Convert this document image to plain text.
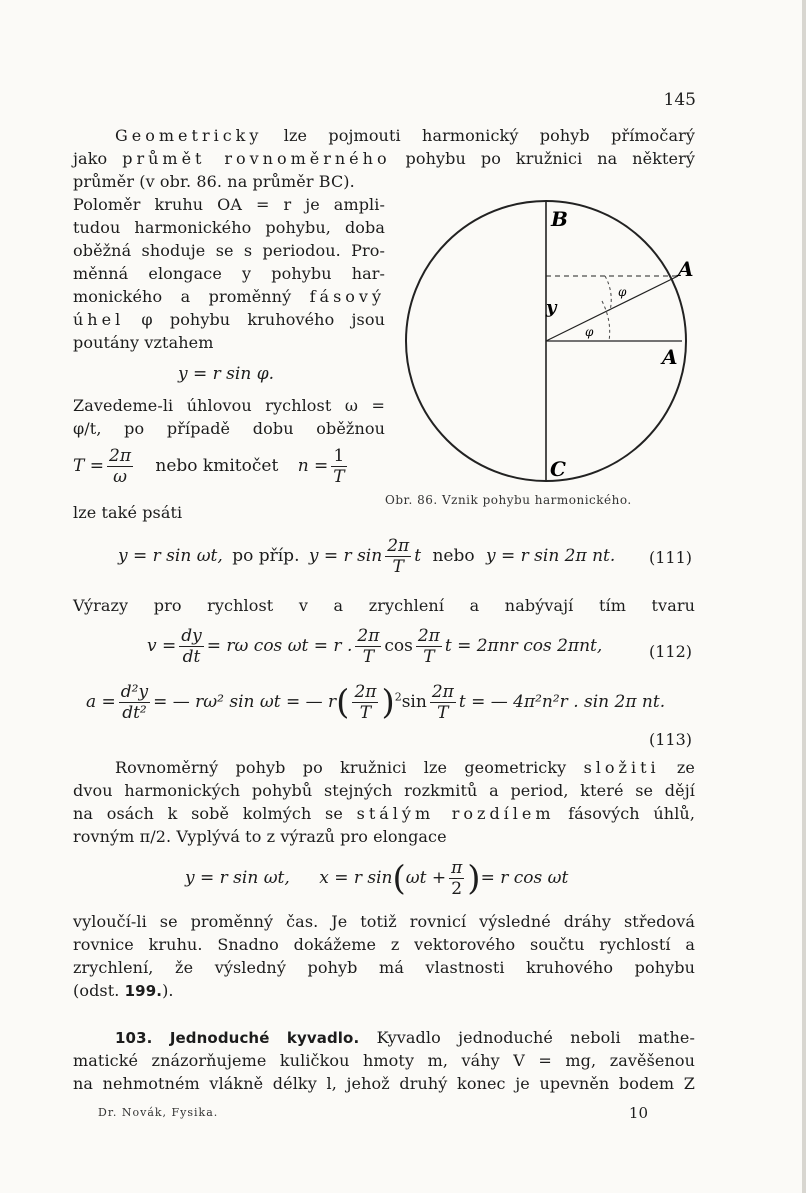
145
Geometricky lze pojmouti harmonický pohyb přímočarý
jako průmět rovnoměrného pohybu po kružnici na některý
průměr (v obr. 86. na průměr BC).
Poloměr kruhu OA = r je ampli-
tudou harmonického pohybu, doba
oběžná shoduje se s periodou. Pro-
měnná elongace y pohybu har-
monického a proměnný fásový
úhel φ pohybu kruhového jsou
poutány vztahem
y = r sin φ.
Zavedeme-li úhlovou rychlost ω =
φ/t, po případě dobu oběžnou
$T = \frac{2\pi}{\omega}$ nebo kmitočet $n = \frac{1}{T}$
lze také psáti
y = r sin ωt, po příp. y = r $\sin \frac{2\pi}{T}$ t nebo y = r sin 2π nt. (111)
Výrazy pro rychlost v a zrychlení a nabývají tím tvaru
$v = \frac{dy}{dt} = r\omega$ cos ωt = r . $\frac{2\pi}{T}$ $\cos \frac{2\pi}{T}$ t = 2πnr cos 2πnt,	(112)
$a = \frac{\text{d²y}}{\text{dt²}}$ = — rω² sin ωt = — $r( \frac{2\pi}{T} )^2\sin \frac{2\pi}{T}$ t = — 4π²n²r . sin 2π nt.
(113)
Rovnoměrný pohyb po kružnici lze geometricky složiti ze
dvou harmonických pohybů stejných rozkmitů a period, které se dějí
na osách k sobě kolmých se stálým rozdílem fásových úhlů,
rovným π/2. Vyplývá to z výrazů pro elongace
y = r sin ωt, x = r $\sin(\omega t + \frac{\pi}{2}$ )= r cos ωt
vyloučí-li se proměnný čas. Je totiž rovnicí výsledné dráhy středová
rovnice kruhu. Snadno dokážeme z vektorového součtu rychlostí a
zrychlení, že výsledný pohyb má vlastnosti kruhového pohybu
(odst. 199.).
103. Jednoduché kyvadlo. Kyvadlo jednoduché neboli mathe-
matické znázorňujeme kuličkou hmoty m, váhy V = mg, zavěšenou
na nehmotném vlákně délky l, jehož druhý konec je upevněn bodem Z
B
A
A
C
y
φ
φ
Obr. 86. Vznik pohybu harmonického.
Dr. Novák, Fysika.	10
